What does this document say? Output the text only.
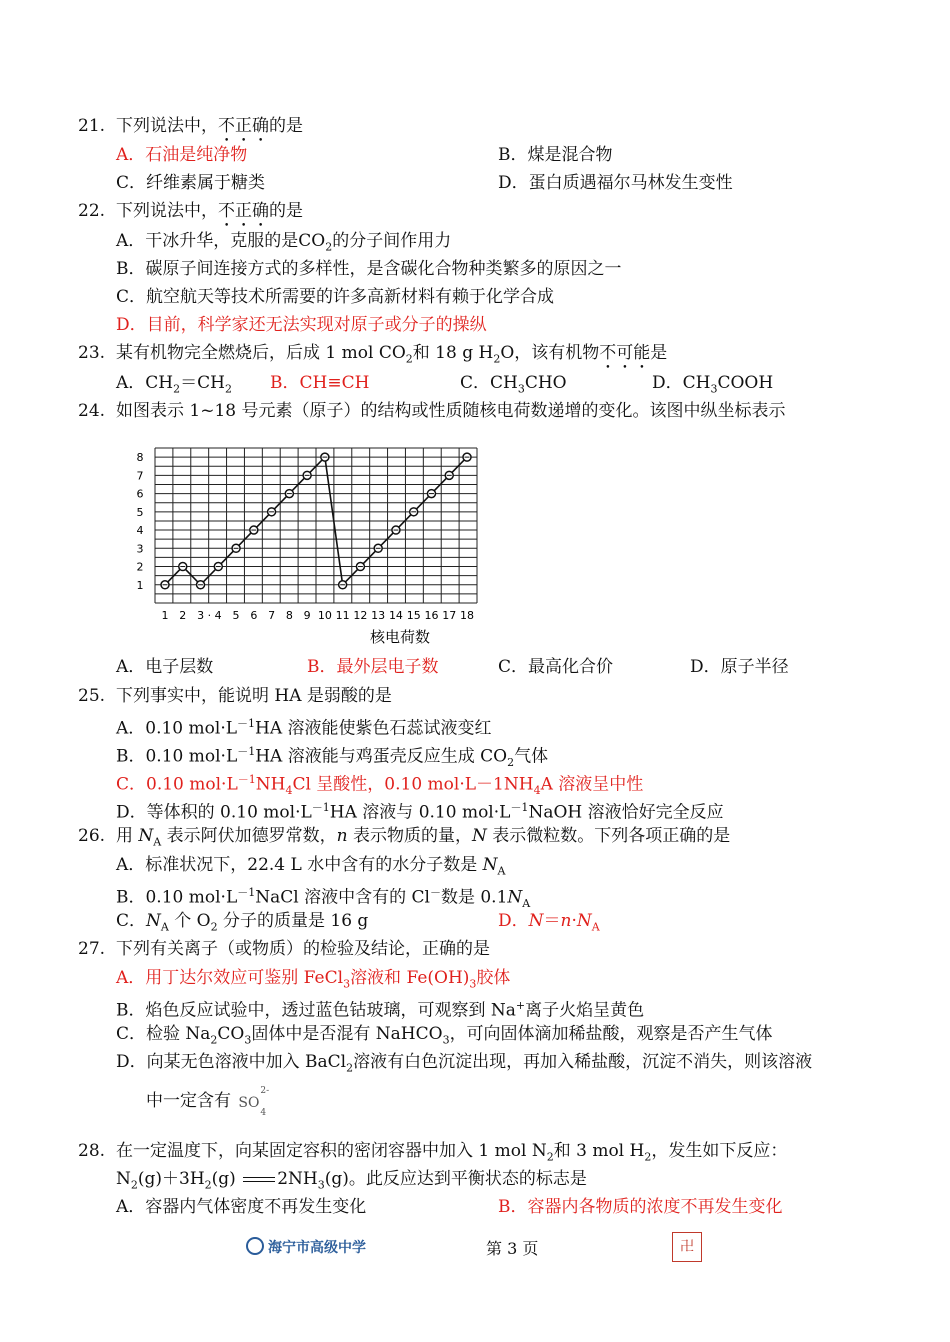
21. 下列说法中，不正确的是
A．石油是纯净物	B．煤是混合物
C．纤维素属于糖类	D．蛋白质遇福尔马林发生变性
22. 下列说法中，不正确的是
A．干冰升华，克服的是$CO_2$的分子间作用力
B．碳原子间连接方式的多样性，是含碳化合物种类繁多的原因之一
C．航空航天等技术所需要的许多高新材料有赖于化学合成
D．目前，科学家还无法实现对原子或分子的操纵
23. 某有机物完全燃烧后，后成 1 mol $CO_2$和 18 g $H_2O$，该有机物不可能是
A．$CH_2=CH_2$ B．CH≡CH	C．$CH_3CHO$	D．$CH_3COOH$
24. 如图表示 1~18 号元素（原子）的结构或性质随核电荷数递增的变化。该图中纵坐标表示
1
2
3
4
5
6
7
8
1 2 3 · 4 5 6 7 8 9 10 11 12 13 14 15 16 17 18
核电荷数
A．电子层数	B．最外层电子数	C．最高化合价	D．原子半径
25. 下列事实中，能说明 HA 是弱酸的是
A．0.10 $mol\cdot L^{-1}HA$ 溶液能使紫色石蕊试液变红
B．0.10 $mol\cdot L^{-1}HA$ 溶液能与鸡蛋壳反应生成 $CO_2$气体
C．0.10 $mol\cdot L^{-1}NH_4Cl$ 呈酸性，0.10 $mol\cdot L-1NH_4A$ 溶液呈中性
D．等体积的 0.10 $mol\cdot L^{-1}HA$ 溶液与 0.10 $mol\cdot L^{-1}NaOH$ 溶液恰好完全反应
26. 用 $N_A$ 表示阿伏加德罗常数，n 表示物质的量，N 表示微粒数。下列各项正确的是
A．标准状况下，22.4 L 水中含有的水分子数是 $N_A$
B．0.10 $mol\cdot L^{-1}NaCl$ 溶液中含有的 Cl－数是 $0.1N_A$
C．$N_A$ 个 $O_2$ 分子的质量是 16 g	D．$N=n\cdot N_A$
27. 下列有关离子（或物质）的检验及结论，正确的是
A．用丁达尔效应可鉴别 FeCl$_3$溶液和 $Fe(OH)_3$胶体
B．焰色反应试验中，透过蓝色钴玻璃，可观察到 Na+离子火焰呈黄色
C．检验 $Na_2CO_3$固体中是否混有 NaHCO$_3$，可向固体滴加稀盐酸，观察是否产生气体
D．向某无色溶液中加入 BaCl$_2$溶液有白色沉淀出现，再加入稀盐酸，沉淀不消失，则该溶液
中一定含有 SO
2-
4
28. 在一定温度下，向某固定容积的密闭容器中加入 1 mol $N_2$和 3 mol $H_2$，发生如下反应：
$N_2(g)+3H_2(g)$ $2NH_3(g)$。此反应达到平衡状态的标志是
A．容器内气体密度不再发生变化	B．容器内各物质的浓度不再发生变化
海宁市高级中学	第 3 页	卍
